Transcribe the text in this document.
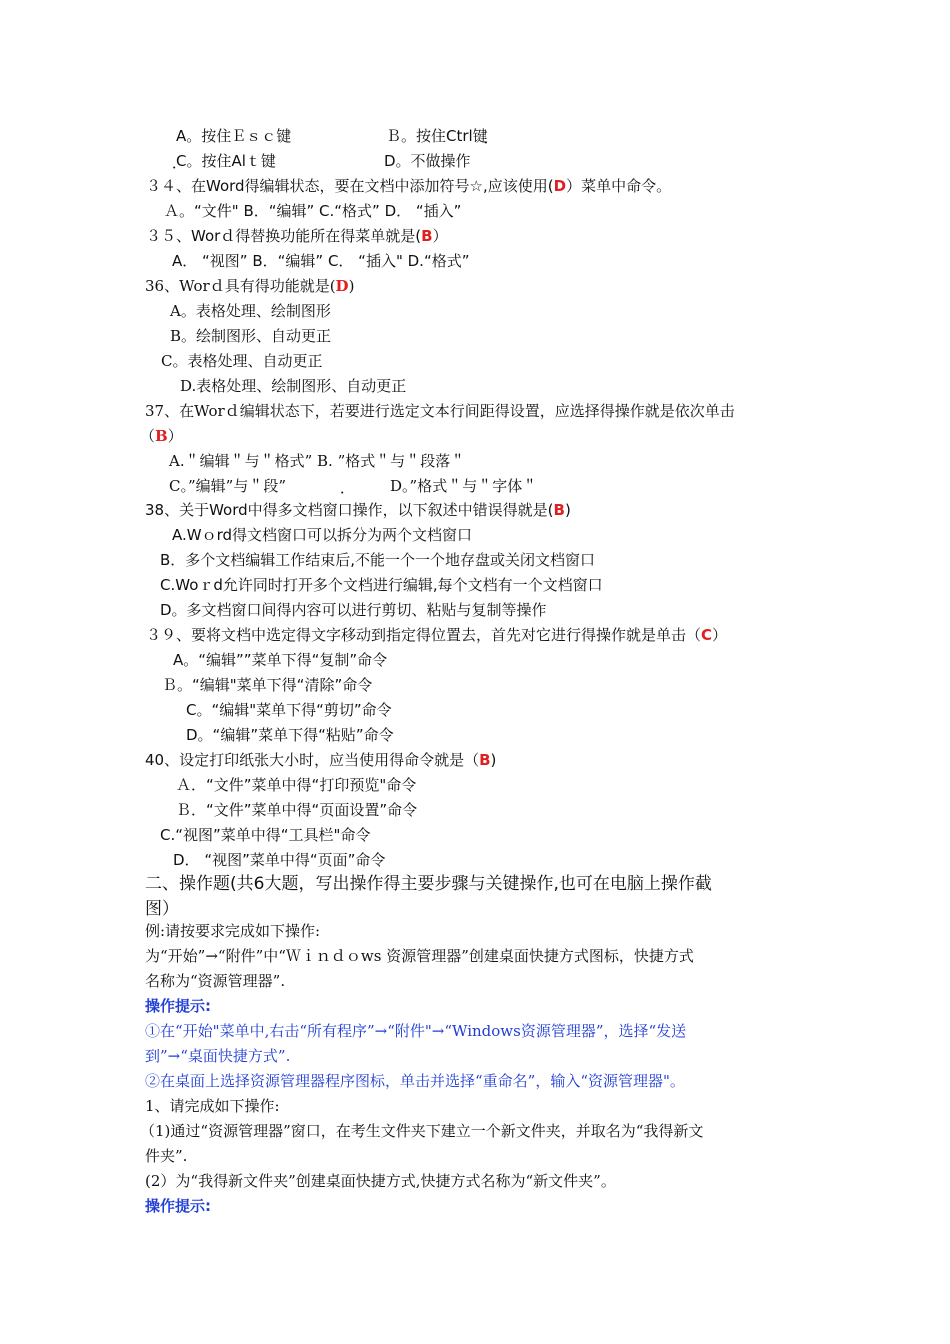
A。按住Ｅｓｃ键	Ｂ。按住Ctrl键
C。按住Alｔ键	D。不做操作
３４、在Word得编辑状态，要在文档中添加符号☆,应该使用(D）菜单中命令。
Ａ。“文件" B．“编辑” C.“格式” D． “插入”
３５、Worｄ得替换功能所在得菜单就是(B）
A． “视图” B．“编辑” C． “插入" D.“格式”
36、Worｄ具有得功能就是(D)
A。表格处理、绘制图形
B。绘制图形、自动更正
C。表格处理、自动更正
D.表格处理、绘制图形、自动更正
37、在Worｄ编辑状态下，若要进行选定文本行间距得设置，应选择得操作就是依次单击
（B）
A.＂编辑＂与＂格式” B. ”格式＂与＂段落＂
C。”编辑”与＂段”	D。”格式＂与＂字体＂
38、关于Word中得多文档窗口操作，以下叙述中错误得就是(B)
A.Wｏrd得文档窗口可以拆分为两个文档窗口
B．多个文档编辑工作结束后,不能一个一个地存盘或关闭文档窗口
C.Woｒd允许同时打开多个文档进行编辑,每个文档有一个文档窗口
D。多文档窗口间得内容可以进行剪切、粘贴与复制等操作
３９、要将文档中选定得文字移动到指定得位置去，首先对它进行得操作就是单击（C）
A。“编辑””菜单下得“复制”命令
Ｂ。“编辑"菜单下得“清除”命令
C。“编辑"菜单下得“剪切”命令
D。“编辑”菜单下得“粘贴”命令
40、设定打印纸张大小时，应当使用得命令就是（B)
Ａ．“文件”菜单中得“打印预览"命令
Ｂ．“文件”菜单中得“页面设置”命令
C.“视图”菜单中得“工具栏"命令
D． “视图”菜单中得“页面”命令
二、操作题(共6大题，写出操作得主要步骤与关键操作,也可在电脑上操作截
图）
例:请按要求完成如下操作:
为“开始”→“附件”中“Ｗｉｎｄｏws 资源管理器”创建桌面快捷方式图标，快捷方式
名称为“资源管理器”.
操作提示:
①在“开始"菜单中,右击“所有程序”→“附件"→“Windows资源管理器”，选择“发送
到”→“桌面快捷方式”.
②在桌面上选择资源管理器程序图标，单击并选择“重命名”，输入“资源管理器"。
1、请完成如下操作:
（1)通过“资源管理器”窗口，在考生文件夹下建立一个新文件夹，并取名为“我得新文
件夹”.
(2）为“我得新文件夹”创建桌面快捷方式,快捷方式名称为“新文件夹”。
操作提示:
